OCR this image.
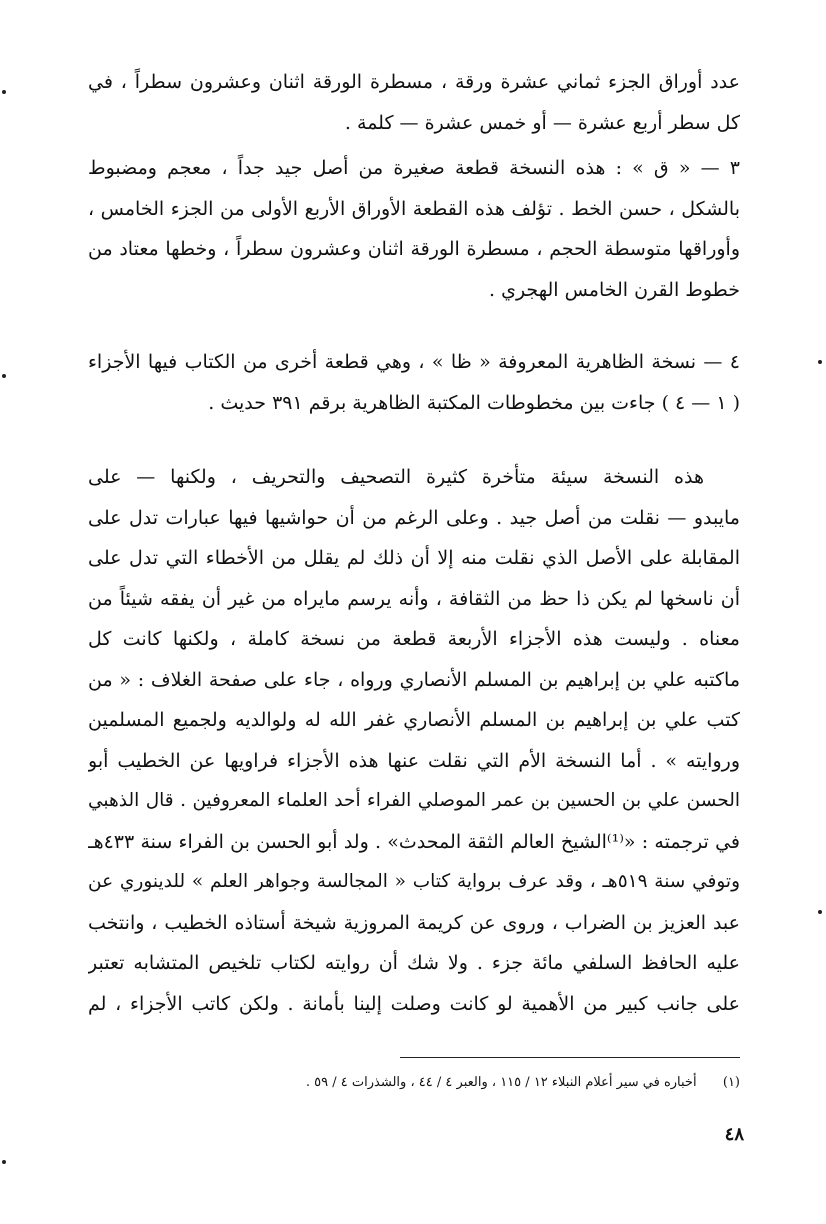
عدد أوراق الجزء ثماني عشرة ورقة ، مسطرة الورقة اثنان وعشرون سطراً ، في
كل سطر أربع عشرة — أو خمس عشرة — كلمة .
٣ — « ق » : هذه النسخة قطعة صغيرة من أصل جيد جداً ، معجم ومضبوط
بالشكل ، حسن الخط . تؤلف هذه القطعة الأوراق الأربع الأولى من الجزء الخامس ،
وأوراقها متوسطة الحجم ، مسطرة الورقة اثنان وعشرون سطراً ، وخطها معتاد من
خطوط القرن الخامس الهجري .
٤ — نسخة الظاهرية المعروفة « ظا » ، وهي قطعة أخرى من الكتاب فيها الأجزاء
( ١ — ٤ ) جاءت بين مخطوطات المكتبة الظاهرية برقم ٣٩١ حديث .
هذه النسخة سيئة متأخرة كثيرة التصحيف والتحريف ، ولكنها — على
مايبدو — نقلت من أصل جيد . وعلى الرغم من أن حواشيها فيها عبارات تدل على
المقابلة على الأصل الذي نقلت منه إلا أن ذلك لم يقلل من الأخطاء التي تدل على
أن ناسخها لم يكن ذا حظ من الثقافة ، وأنه يرسم مايراه من غير أن يفقه شيئاً من
معناه . وليست هذه الأجزاء الأربعة قطعة من نسخة كاملة ، ولكنها كانت كل
ماكتبه علي بن إبراهيم بن المسلم الأنصاري ورواه ، جاء على صفحة الغلاف : « من
كتب علي بن إبراهيم بن المسلم الأنصاري غفر الله له ولوالديه ولجميع المسلمين
وروايته » . أما النسخة الأم التي نقلت عنها هذه الأجزاء فراويها عن الخطيب أبو
الحسن علي بن الحسين بن عمر الموصلي الفراء أحد العلماء المعروفين . قال الذهبي
في ترجمته : «⁽¹⁾الشيخ العالم الثقة المحدث» . ولد أبو الحسن بن الفراء سنة ٤٣٣هـ
وتوفي سنة ٥١٩هـ ، وقد عرف برواية كتاب « المجالسة وجواهر العلم » للدينوري عن
عبد العزيز بن الضراب ، وروى عن كريمة المروزية شيخة أستاذه الخطيب ، وانتخب
عليه الحافظ السلفي مائة جزء . ولا شك أن روايته لكتاب تلخيص المتشابه تعتبر
على جانب كبير من الأهمية لو كانت وصلت إلينا بأمانة . ولكن كاتب الأجزاء ، لم
(١)  أخباره في سير أعلام النبلاء ١٢ / ١١٥ ، والعبر ٤ / ٤٤ ، والشذرات ٤ / ٥٩ .
٤٨
